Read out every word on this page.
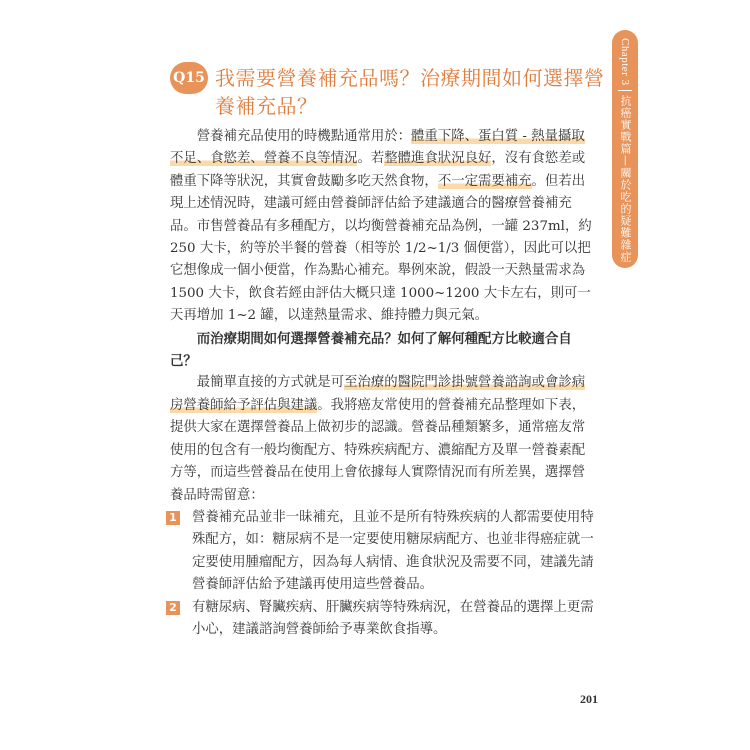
Q15 我需要營養補充品嗎？治療期間如何選擇營養補充品？
Chapter 3
抗癌實戰篇—關於吃的疑難雜症

營養補充品使用的時機點通常用於：體重下降、蛋白質 - 熱量攝取不足、食慾差、營養不良等情況。若整體進食狀況良好，沒有食慾差或體重下降等狀況，其實會鼓勵多吃天然食物，不一定需要補充。但若出現上述情況時，建議可經由營養師評估給予建議適合的醫療營養補充品。市售營養品有多種配方，以均衡營養補充品為例，一罐 237ml，約 250 大卡，約等於半餐的營養（相等於 1/2~1/3 個便當），因此可以把它想像成一個小便當，作為點心補充。舉例來說，假設一天熱量需求為 1500 大卡，飲食若經由評估大概只達 1000~1200 大卡左右，則可一天再增加 1~2 罐，以達熱量需求、維持體力與元氣。

而治療期間如何選擇營養補充品？如何了解何種配方比較適合自己？

最簡單直接的方式就是可至治療的醫院門診掛號營養諮詢或會診病房營養師給予評估與建議。我將癌友常使用的營養補充品整理如下表，提供大家在選擇營養品上做初步的認識。營養品種類繁多，通常癌友常使用的包含有一般均衡配方、特殊疾病配方、濃縮配方及單一營養素配方等，而這些營養品在使用上會依據每人實際情況而有所差異，選擇營養品時需留意：

1 營養補充品並非一昧補充，且並不是所有特殊疾病的人都需要使用特殊配方，如：糖尿病不是一定要使用糖尿病配方、也並非得癌症就一定要使用腫瘤配方，因為每人病情、進食狀況及需要不同，建議先請營養師評估給予建議再使用這些營養品。
2 有糖尿病、腎臟疾病、肝臟疾病等特殊病況，在營養品的選擇上更需小心，建議諮詢營養師給予專業飲食指導。
201
